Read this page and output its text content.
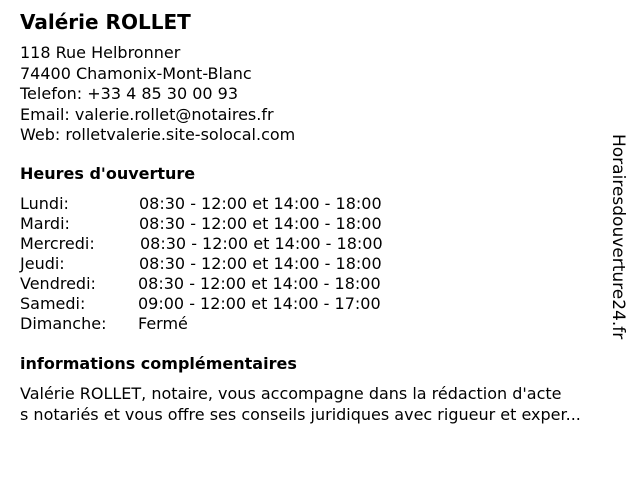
Valérie ROLLET
118 Rue Helbronner
74400 Chamonix-Mont-Blanc
Telefon: +33 4 85 30 00 93
Email: valerie.rollet@notaires.fr
Web: rolletvalerie.site-solocal.com
Heures d'ouverture
Lundi:	08:30 - 12:00 et 14:00 - 18:00
Mardi:	08:30 - 12:00 et 14:00 - 18:00
Mercredi:	08:30 - 12:00 et 14:00 - 18:00
Jeudi:	08:30 - 12:00 et 14:00 - 18:00
Vendredi:	08:30 - 12:00 et 14:00 - 18:00
Samedi:	09:00 - 12:00 et 14:00 - 17:00
Dimanche: Fermé
informations complémentaires
Valérie ROLLET, notaire, vous accompagne dans la rédaction d'acte
s notariés et vous offre ses conseils juridiques avec rigueur et exper...
Horairesdouverture24.fr
